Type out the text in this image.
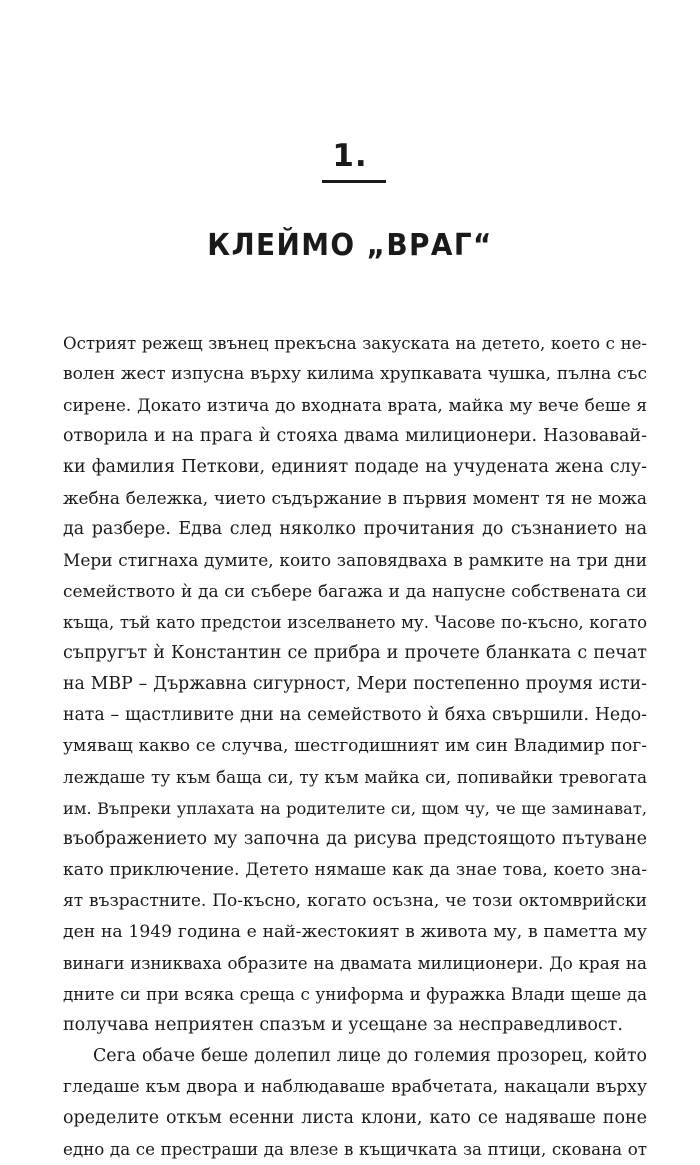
1.
КЛЕЙМО „ВРАГ“
Острият режещ звънец прекъсна закуската на детето, което с не-
волен жест изпусна върху килима хрупкавата чушка, пълна със
сирене. Докато изтича до входната врата, майка му вече беше я
отворила и на прага ѝ стояха двама милиционери. Назовавай-
ки фамилия Петкови, единият подаде на учудената жена слу-
жебна бележка, чието съдържание в първия момент тя не можа
да разбере. Едва след няколко прочитания до съзнанието на
Мери стигнаха думите, които заповядваха в рамките на три дни
семейството ѝ да си събере багажа и да напусне собствената си
къща, тъй като предстои изселването му. Часове по-късно, когато
съпругът ѝ Константин се прибра и прочете бланката с печат
на МВР – Държавна сигурност, Мери постепенно проумя исти-
ната – щастливите дни на семейството ѝ бяха свършили. Недо-
умяващ какво се случва, шестгодишният им син Владимир пог-
леждаше ту към баща си, ту към майка си, попивайки тревогата
им. Въпреки уплахата на родителите си, щом чу, че ще заминават,
въображението му започна да рисува предстоящото пътуване
като приключение. Детето нямаше как да знае това, което зна-
ят възрастните. По-късно, когато осъзна, че този октомврийски
ден на 1949 година е най-жестокият в живота му, в паметта му
винаги изникваха образите на двамата милиционери. До края на
дните си при всяка среща с униформа и фуражка Влади щеше да
получава неприятен спазъм и усещане за несправедливост.
Сега обаче беше долепил лице до големия прозорец, който
гледаше към двора и наблюдаваше врабчетата, накацали върху
оределите откъм есенни листа клони, като се надяваше поне
едно да се престраши да влезе в къщичката за птици, скована от
